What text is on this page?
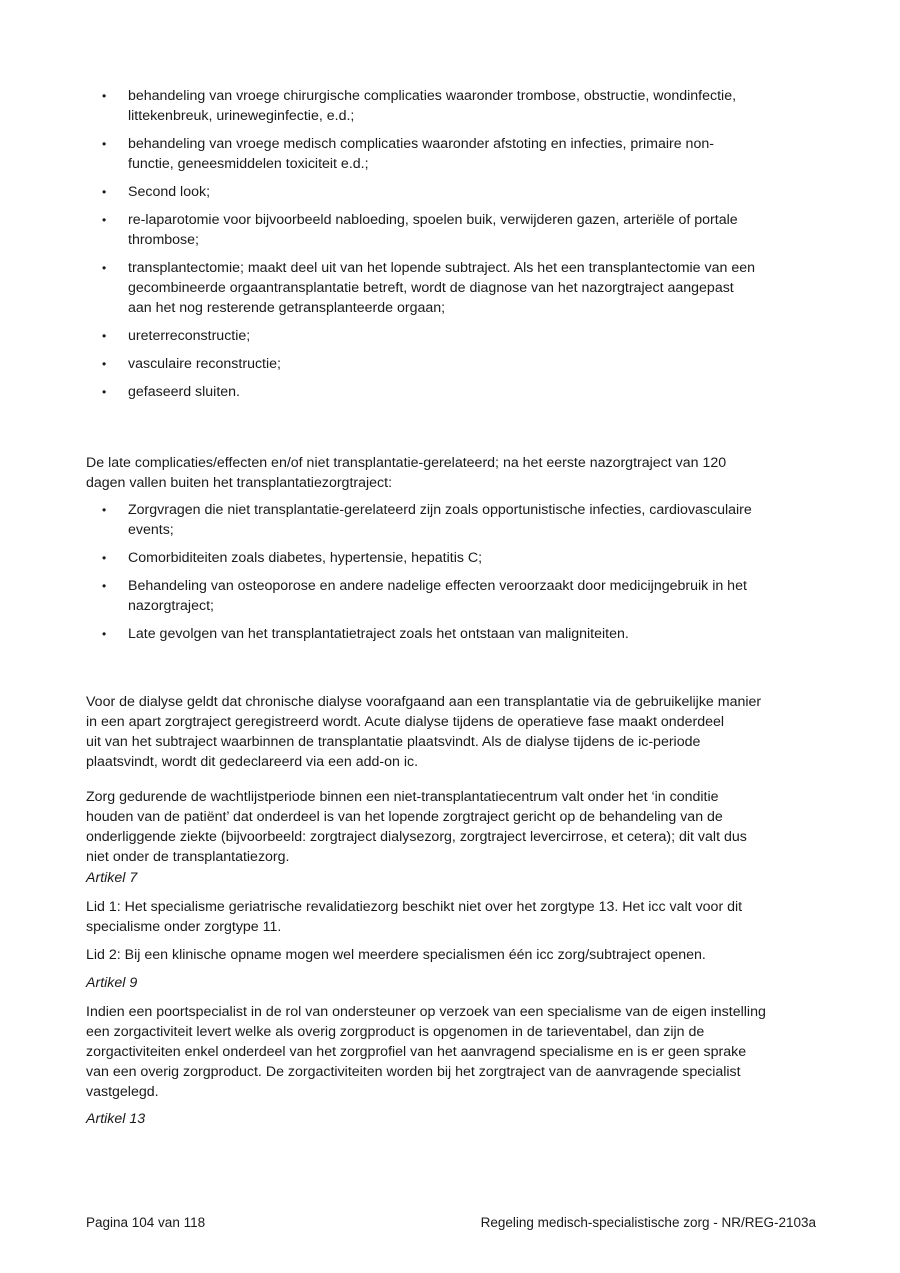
• behandeling van vroege chirurgische complicaties waaronder trombose, obstructie, wondinfectie,
littekenbreuk, urineweginfectie, e.d.;
• behandeling van vroege medisch complicaties waaronder afstoting en infecties, primaire non-
functie, geneesmiddelen toxiciteit e.d.;
• Second look;
• re-laparotomie voor bijvoorbeeld nabloeding, spoelen buik, verwijderen gazen, arteriële of portale
thrombose;
• transplantectomie; maakt deel uit van het lopende subtraject. Als het een transplantectomie van een
gecombineerde orgaantransplantatie betreft, wordt de diagnose van het nazorgtraject aangepast
aan het nog resterende getransplanteerde orgaan;
• ureterreconstructie;
• vasculaire reconstructie;
• gefaseerd sluiten.

De late complicaties/effecten en/of niet transplantatie-gerelateerd; na het eerste nazorgtraject van 120
dagen vallen buiten het transplantatiezorgtraject:

• Zorgvragen die niet transplantatie-gerelateerd zijn zoals opportunistische infecties, cardiovasculaire
events;
• Comorbiditeiten zoals diabetes, hypertensie, hepatitis C;
• Behandeling van osteoporose en andere nadelige effecten veroorzaakt door medicijngebruik in het
nazorgtraject;
• Late gevolgen van het transplantatietraject zoals het ontstaan van maligniteiten.

Voor de dialyse geldt dat chronische dialyse voorafgaand aan een transplantatie via de gebruikelijke manier
in een apart zorgtraject geregistreerd wordt. Acute dialyse tijdens de operatieve fase maakt onderdeel
uit van het subtraject waarbinnen de transplantatie plaatsvindt. Als de dialyse tijdens de ic-periode
plaatsvindt, wordt dit gedeclareerd via een add-on ic.

Zorg gedurende de wachtlijstperiode binnen een niet-transplantatiecentrum valt onder het ‘in conditie
houden van de patiënt’ dat onderdeel is van het lopende zorgtraject gericht op de behandeling van de
onderliggende ziekte (bijvoorbeeld: zorgtraject dialysezorg, zorgtraject levercirrose, et cetera); dit valt dus
niet onder de transplantatiezorg.

Artikel 7

Lid 1: Het specialisme geriatrische revalidatiezorg beschikt niet over het zorgtype 13. Het icc valt voor dit
specialisme onder zorgtype 11.

Lid 2: Bij een klinische opname mogen wel meerdere specialismen één icc zorg/subtraject openen.

Artikel 9

Indien een poortspecialist in de rol van ondersteuner op verzoek van een specialisme van de eigen instelling
een zorgactiviteit levert welke als overig zorgproduct is opgenomen in de tarieventabel, dan zijn de
zorgactiviteiten enkel onderdeel van het zorgprofiel van het aanvragend specialisme en is er geen sprake
van een overig zorgproduct. De zorgactiviteiten worden bij het zorgtraject van de aanvragende specialist
vastgelegd.

Artikel 13

Pagina 104 van 118	Regeling medisch-specialistische zorg - NR/REG-2103a
